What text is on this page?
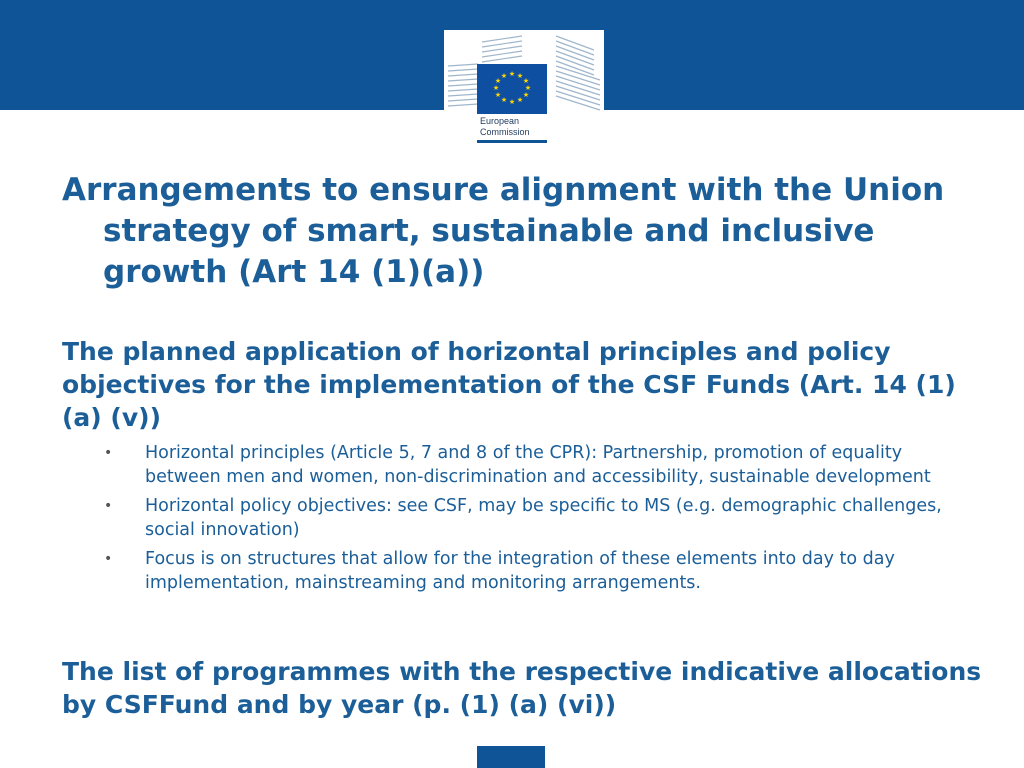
★ ★
★
★
★
★
★
★
★
★
★
★
European
Commission
Arrangements to ensure alignment with the Union strategy of smart, sustainable and inclusive growth (Art 14 (1)(a))
The planned application of horizontal principles and policy objectives for the implementation of the CSF Funds (Art. 14 (1) (a) (v))
• Horizontal principles (Article 5, 7 and 8 of the CPR): Partnership, promotion of equality between men and women, non-discrimination and accessibility, sustainable development
• Horizontal policy objectives: see CSF, may be specific to MS (e.g. demographic challenges, social innovation)
• Focus is on structures that allow for the integration of these elements into day to day implementation, mainstreaming and monitoring arrangements.
The list of programmes with the respective indicative allocations by CSFFund and by year (p. (1) (a) (vi))
